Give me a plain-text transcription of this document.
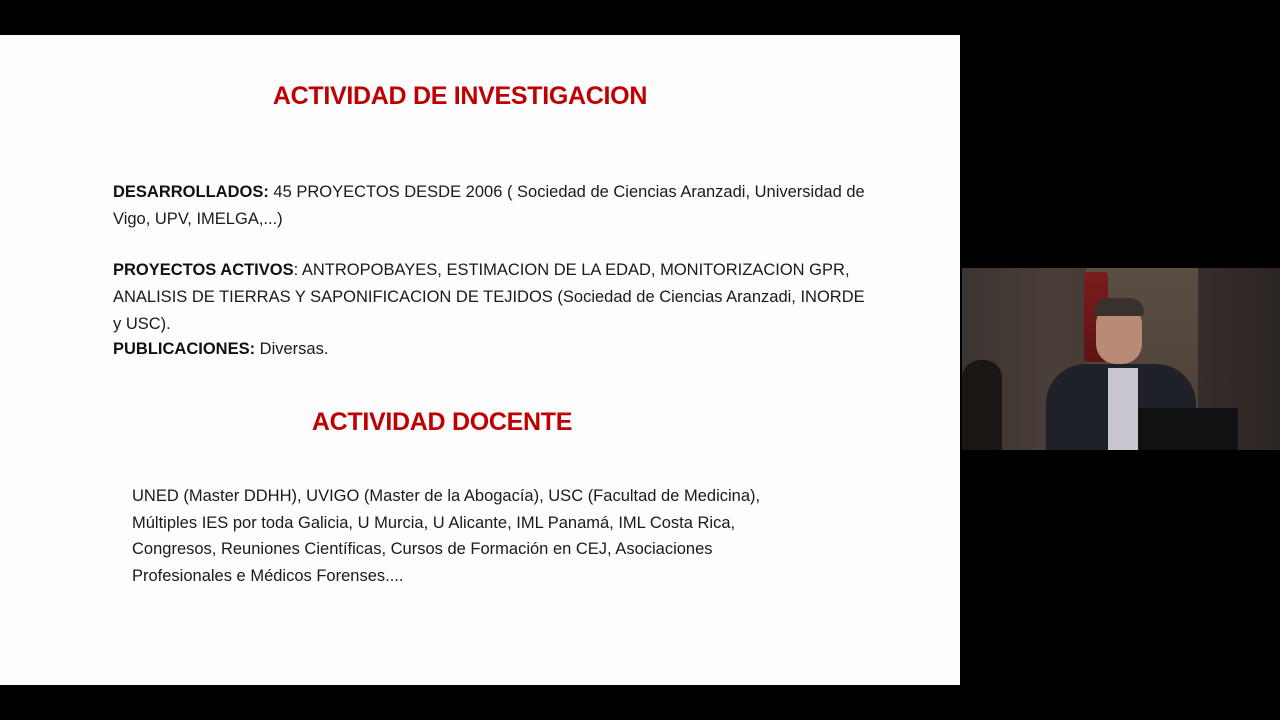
ACTIVIDAD DE INVESTIGACION

DESARROLLADOS: 45 PROYECTOS DESDE 2006 ( Sociedad de Ciencias Aranzadi, Universidad de Vigo, UPV, IMELGA,...)

PROYECTOS ACTIVOS: ANTROPOBAYES, ESTIMACION DE LA EDAD, MONITORIZACION GPR, ANALISIS DE TIERRAS Y SAPONIFICACION DE TEJIDOS (Sociedad de Ciencias Aranzadi, INORDE y USC).

PUBLICACIONES: Diversas.

ACTIVIDAD DOCENTE

UNED (Master DDHH), UVIGO (Master de la Abogacía), USC (Facultad de Medicina),
Múltiples IES por toda Galicia, U Murcia, U Alicante, IML Panamá, IML Costa Rica,
Congresos, Reuniones Científicas, Cursos de Formación en CEJ, Asociaciones
Profesionales e Médicos Forenses....
